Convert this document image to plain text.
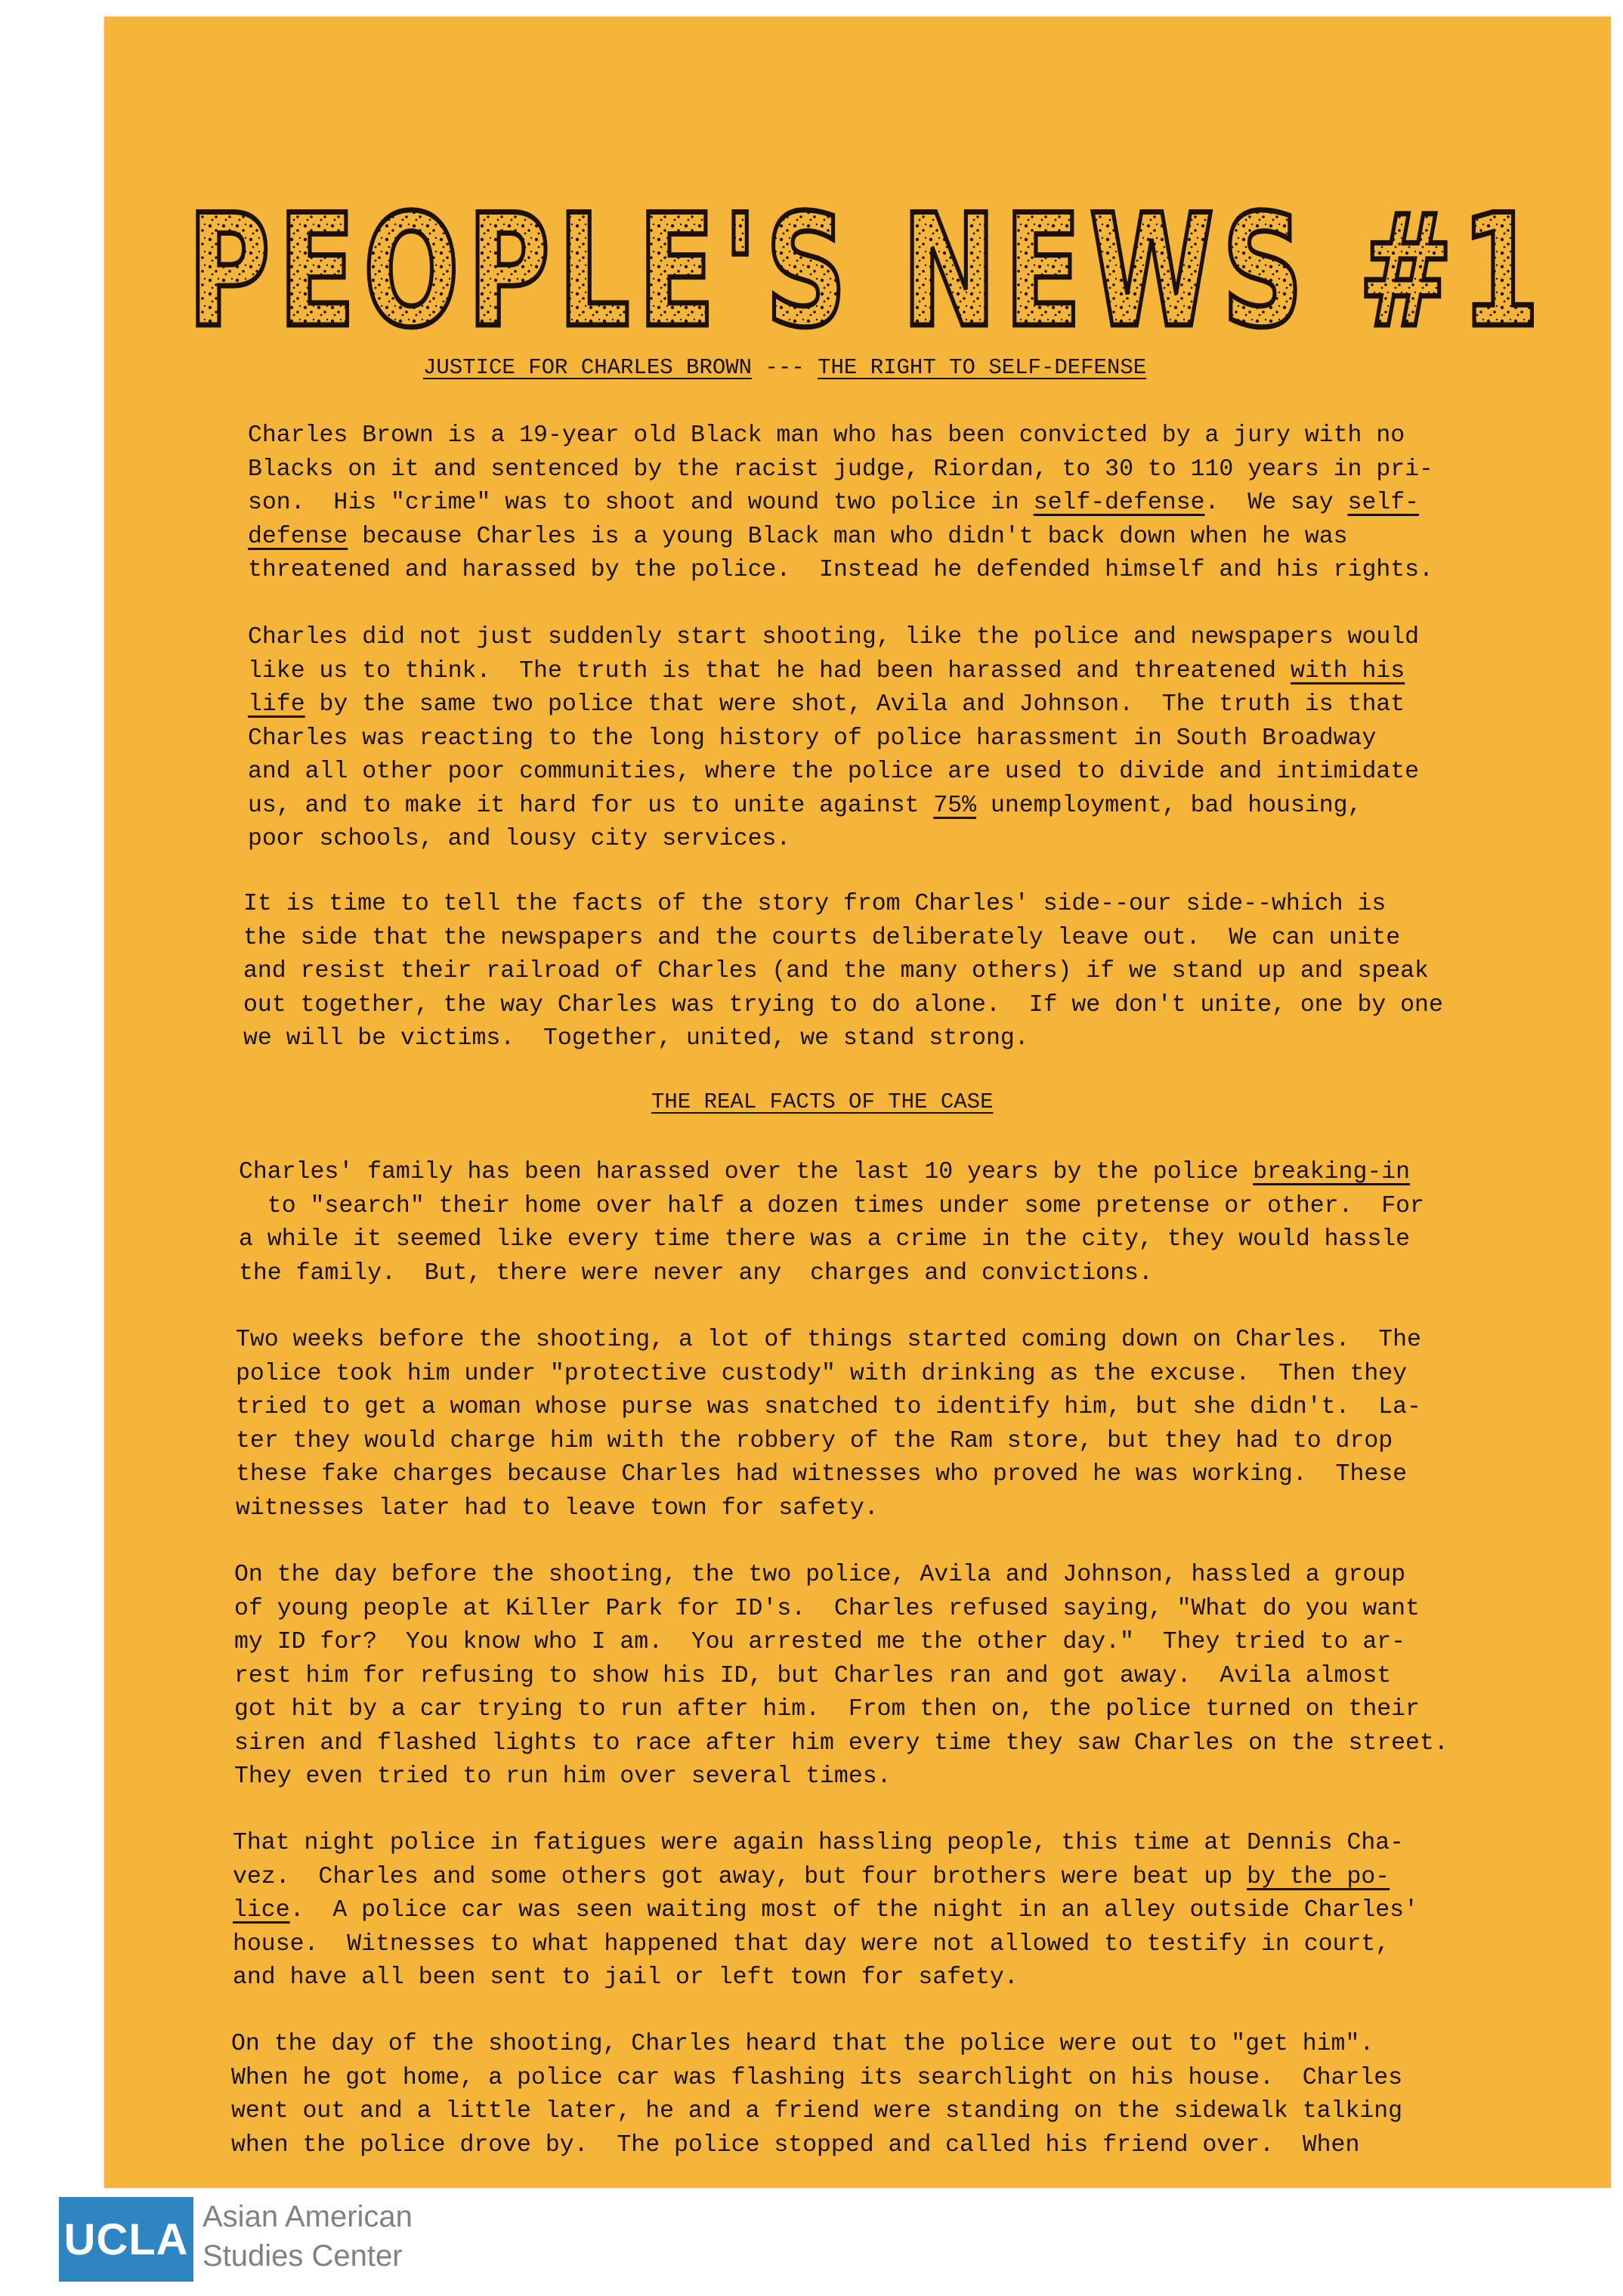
PEOPLE'S NEWS #1
JUSTICE FOR CHARLES BROWN --- THE RIGHT TO SELF-DEFENSE
Charles Brown is a 19-year old Black man who has been convicted by a jury with no
Blacks on it and sentenced by the racist judge, Riordan, to 30 to 110 years in pri-
son.  His "crime" was to shoot and wound two police in self-defense.  We say self-
defense because Charles is a young Black man who didn't back down when he was
threatened and harassed by the police.  Instead he defended himself and his rights.
Charles did not just suddenly start shooting, like the police and newspapers would
like us to think.  The truth is that he had been harassed and threatened with his
life by the same two police that were shot, Avila and Johnson.  The truth is that
Charles was reacting to the long history of police harassment in South Broadway
and all other poor communities, where the police are used to divide and intimidate
us, and to make it hard for us to unite against 75% unemployment, bad housing,
poor schools, and lousy city services.
It is time to tell the facts of the story from Charles' side--our side--which is
the side that the newspapers and the courts deliberately leave out.  We can unite
and resist their railroad of Charles (and the many others) if we stand up and speak
out together, the way Charles was trying to do alone.  If we don't unite, one by one
we will be victims.  Together, united, we stand strong.
THE REAL FACTS OF THE CASE
Charles' family has been harassed over the last 10 years by the police breaking-in
to "search" their home over half a dozen times under some pretense or other.  For
a while it seemed like every time there was a crime in the city, they would hassle
the family.  But, there were never any  charges and convictions.
Two weeks before the shooting, a lot of things started coming down on Charles.  The
police took him under "protective custody" with drinking as the excuse.  Then they
tried to get a woman whose purse was snatched to identify him, but she didn't.  La-
ter they would charge him with the robbery of the Ram store, but they had to drop
these fake charges because Charles had witnesses who proved he was working.  These
witnesses later had to leave town for safety.
On the day before the shooting, the two police, Avila and Johnson, hassled a group
of young people at Killer Park for ID's.  Charles refused saying, "What do you want
my ID for?  You know who I am.  You arrested me the other day."  They tried to ar-
rest him for refusing to show his ID, but Charles ran and got away.  Avila almost
got hit by a car trying to run after him.  From then on, the police turned on their
siren and flashed lights to race after him every time they saw Charles on the street.
They even tried to run him over several times.
That night police in fatigues were again hassling people, this time at Dennis Cha-
vez.  Charles and some others got away, but four brothers were beat up by the po-
lice.  A police car was seen waiting most of the night in an alley outside Charles'
house.  Witnesses to what happened that day were not allowed to testify in court,
and have all been sent to jail or left town for safety.
On the day of the shooting, Charles heard that the police were out to "get him".
When he got home, a police car was flashing its searchlight on his house.  Charles
went out and a little later, he and a friend were standing on the sidewalk talking
when the police drove by.  The police stopped and called his friend over.  When
UCLA Asian American
Studies Center
